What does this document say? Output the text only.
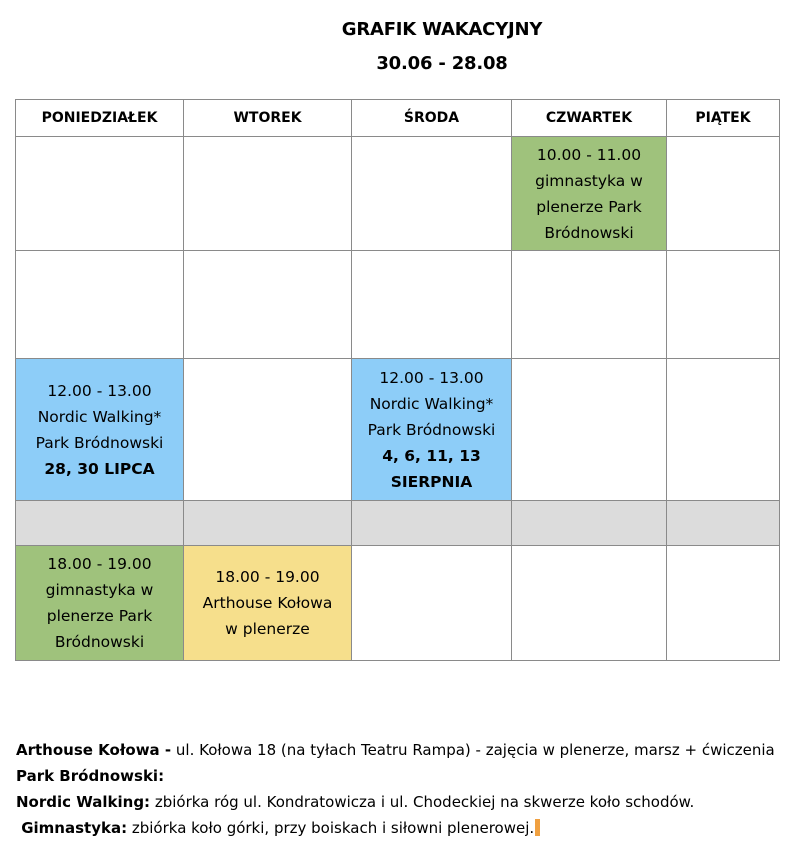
GRAFIK WAKACYJNY
30.06 - 28.08
PONIEDZIAŁEK	WTOREK	ŚRODA	CZWARTEK	PIĄTEK

			10.00 - 11.00
gimnastyka w
plenerze Park
Bródnowski	

12.00 - 13.00
Nordic Walking*
Park Bródnowski
28, 30 LIPCA		12.00 - 13.00
Nordic Walking*
Park Bródnowski
4, 6, 11, 13
SIERPNIA		

18.00 - 19.00
gimnastyka w
plenerze Park
Bródnowski	18.00 - 19.00
Arthouse Kołowa
w plenerze			

Arthouse Kołowa - ul. Kołowa 18 (na tyłach Teatru Rampa) - zajęcia w plenerze, marsz + ćwiczenia
Park Bródnowski:
Nordic Walking: zbiórka róg ul. Kondratowicza i ul. Chodeckiej na skwerze koło schodów.
Gimnastyka: zbiórka koło górki, przy boiskach i siłowni plenerowej.
